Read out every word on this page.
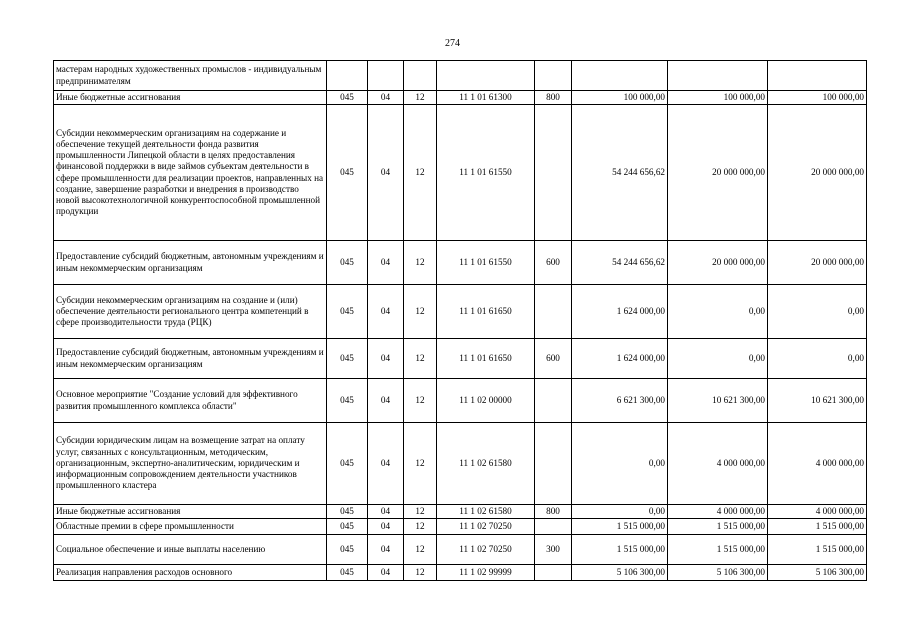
274
мастерам народных художественных промыслов - индивидуальным предпринимателям								
Иные бюджетные ассигнования	045	04	12	11 1 01 61300	800	100 000,00	100 000,00	100 000,00
Субсидии некоммерческим организациям на содержание и обеспечение текущей деятельности фонда развития промышленности Липецкой области в целях предоставления финансовой поддержки в виде займов субъектам деятельности в сфере промышленности для реализации проектов, направленных на создание, завершение разработки и внедрения в производство новой высокотехнологичной конкурентоспособной промышленной продукции	045	04	12	11 1 01 61550		54 244 656,62	20 000 000,00	20 000 000,00
Предоставление субсидий бюджетным, автономным учреждениям и иным некоммерческим организациям	045	04	12	11 1 01 61550	600	54 244 656,62	20 000 000,00	20 000 000,00
Субсидии некоммерческим организациям на создание и (или) обеспечение деятельности регионального центра компетенций в сфере производительности труда (РЦК)	045	04	12	11 1 01 61650		1 624 000,00	0,00	0,00
Предоставление субсидий бюджетным, автономным учреждениям и иным некоммерческим организациям	045	04	12	11 1 01 61650	600	1 624 000,00	0,00	0,00
Основное мероприятие "Создание условий для эффективного развития промышленного комплекса области"	045	04	12	11 1 02 00000		6 621 300,00	10 621 300,00	10 621 300,00
Субсидии юридическим лицам на возмещение затрат на оплату услуг, связанных с консультационным, методическим, организационным, экспертно-аналитическим, юридическим и информационным сопровождением деятельности участников промышленного кластера	045	04	12	11 1 02 61580		0,00	4 000 000,00	4 000 000,00
Иные бюджетные ассигнования	045	04	12	11 1 02 61580	800	0,00	4 000 000,00	4 000 000,00
Областные премии в сфере промышленности	045	04	12	11 1 02 70250		1 515 000,00	1 515 000,00	1 515 000,00
Социальное обеспечение и иные выплаты населению	045	04	12	11 1 02 70250	300	1 515 000,00	1 515 000,00	1 515 000,00
Реализация направления расходов основного	045	04	12	11 1 02 99999		5 106 300,00	5 106 300,00	5 106 300,00
